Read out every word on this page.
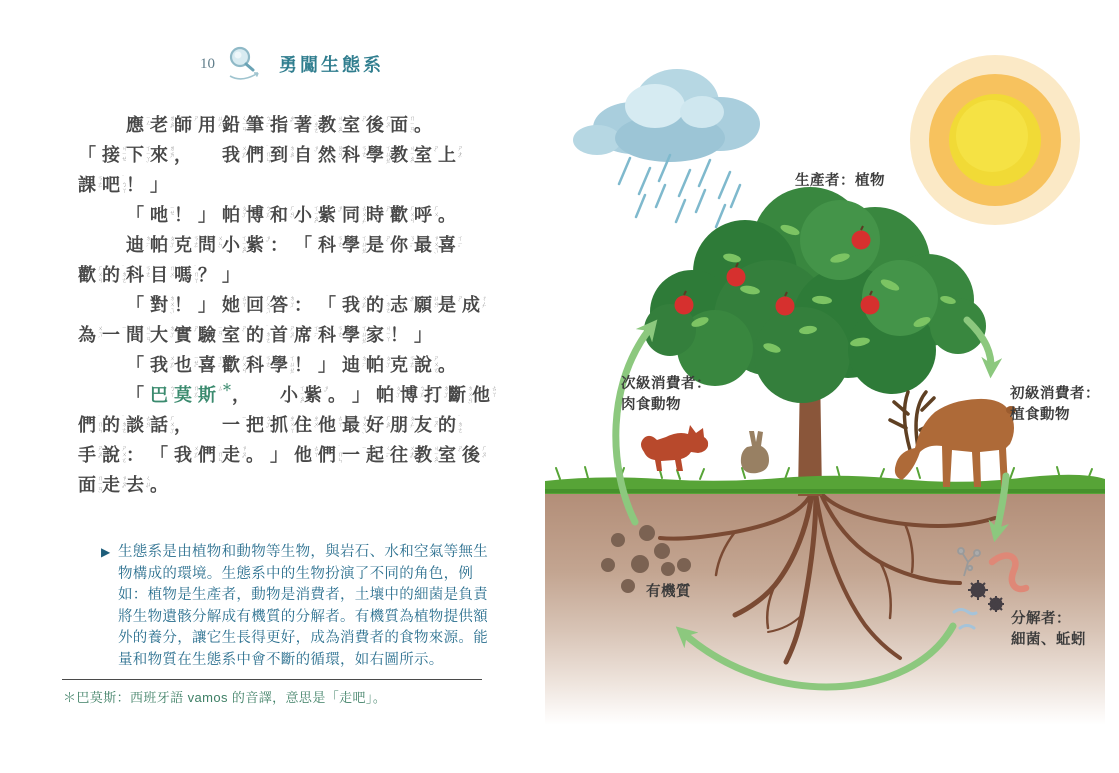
10	勇闖生態系
應 ㄧㄥ 老 ㄌㄠˇ 師 ㄕ 用 ㄩㄥˋ 鉛 ㄑㄧㄢ 筆 ㄅㄧˇ 指 ㄓˇ 著 ˙ㄓㄜ 教 ㄐㄧㄠˋ 室 ㄕˋ 後 ㄏㄡˋ 面 ㄇㄧㄢˋ 。
「 接 ㄐㄧㄝ 下 ㄒㄧㄚˋ 來 ㄌㄞˊ ， 我 ㄨㄛˇ 們 ˙ㄇㄣ 到 ㄉㄠˋ 自 ㄗˋ 然 ㄖㄢˊ 科 ㄎㄜ 學 ㄒㄩㄝˊ 教 ㄐㄧㄠˋ 室 ㄕˋ 上 ㄕㄤˋ
課 ㄎㄜˋ 吧 ˙ㄅㄚ ！ 」
「 吔 ㄧㄝ ！ 」 帕 ㄆㄚˋ 博 ㄅㄛˊ 和 ㄏㄢˋ 小 ㄒㄧㄠˇ 紫 ㄗˇ 同 ㄊㄨㄥˊ 時 ㄕˊ 歡 ㄏㄨㄢ 呼 ㄏㄨ 。
迪 ㄉㄧˊ 帕 ㄆㄚˋ 克 ㄎㄜˋ 問 ㄨㄣˋ 小 ㄒㄧㄠˇ 紫 ㄗˇ ： 「 科 ㄎㄜ 學 ㄒㄩㄝˊ 是 ㄕˋ 你 ㄋㄧˇ 最 ㄗㄨㄟˋ 喜 ㄒㄧˇ
歡 ㄏㄨㄢ 的 ˙ㄉㄜ 科 ㄎㄜ 目 ㄇㄨˋ 嗎 ˙ㄇㄚ ？ 」
「 對 ㄉㄨㄟˋ ！ 」 她 ㄊㄚ 回 ㄏㄨㄟˊ 答 ㄉㄚˊ ： 「 我 ㄨㄛˇ 的 ˙ㄉㄜ 志 ㄓˋ 願 ㄩㄢˋ 是 ㄕˋ 成 ㄔㄥˊ
為 ㄨㄟˊ 一 ㄧ 間 ㄐㄧㄢ 大 ㄉㄚˋ 實 ㄕˊ 驗 ㄧㄢˋ 室 ㄕˋ 的 ˙ㄉㄜ 首 ㄕㄡˇ 席 ㄒㄧˊ 科 ㄎㄜ 學 ㄒㄩㄝˊ 家 ㄐㄧㄚ ！ 」
「 我 ㄨㄛˇ 也 ㄧㄝˇ 喜 ㄒㄧˇ 歡 ㄏㄨㄢ 科 ㄎㄜ 學 ㄒㄩㄝˊ ！ 」 迪 ㄉㄧˊ 帕 ㄆㄚˋ 克 ㄎㄜˋ 說 ㄕㄨㄛ 。
「 巴 ㄅㄚ 莫 ㄇㄛˋ 斯 ㄙ ＊ ， 小 ㄒㄧㄠˇ 紫 ㄗˇ 。 」 帕 ㄆㄚˋ 博 ㄅㄛˊ 打 ㄉㄚˇ 斷 ㄉㄨㄢˋ 他 ㄊㄚ
們 ˙ㄇㄣ 的 ˙ㄉㄜ 談 ㄊㄢˊ 話 ㄏㄨㄚˋ ， 一 ㄧ 把 ㄅㄚˇ 抓 ㄓㄨㄚ 住 ㄓㄨˋ 他 ㄊㄚ 最 ㄗㄨㄟˋ 好 ㄏㄠˇ 朋 ㄆㄥˊ 友 ㄧㄡˇ 的 ˙ㄉㄜ
手 ㄕㄡˇ 說 ㄕㄨㄛ ： 「 我 ㄨㄛˇ 們 ˙ㄇㄣ 走 ㄗㄡˇ 。 」 他 ㄊㄚ 們 ˙ㄇㄣ 一 ㄧ 起 ㄑㄧˇ 往 ㄨㄤˇ 教 ㄐㄧㄠˋ 室 ㄕˋ 後 ㄏㄡˋ
面 ㄇㄧㄢˋ 走 ㄗㄡˇ 去 ㄑㄩˋ 。
▶ 生態系是由植物和動物等生物，與岩石、水和空氣等無生
物構成的環境。生態系中的生物扮演了不同的角色，例
如：植物是生產者，動物是消費者，土壤中的細菌是負責
將生物遺骸分解成有機質的分解者。有機質為植物提供額
外的養分，讓它生長得更好，成為消費者的食物來源。能
量和物質在生態系中會不斷的循環，如右圖所示。
＊巴莫斯：西班牙語 vamos 的音譯，意思是「走吧」。
生產者：植物
次級消費者：
肉食動物
初級消費者：
植食動物
有機質
分解者：
細菌、蚯蚓
